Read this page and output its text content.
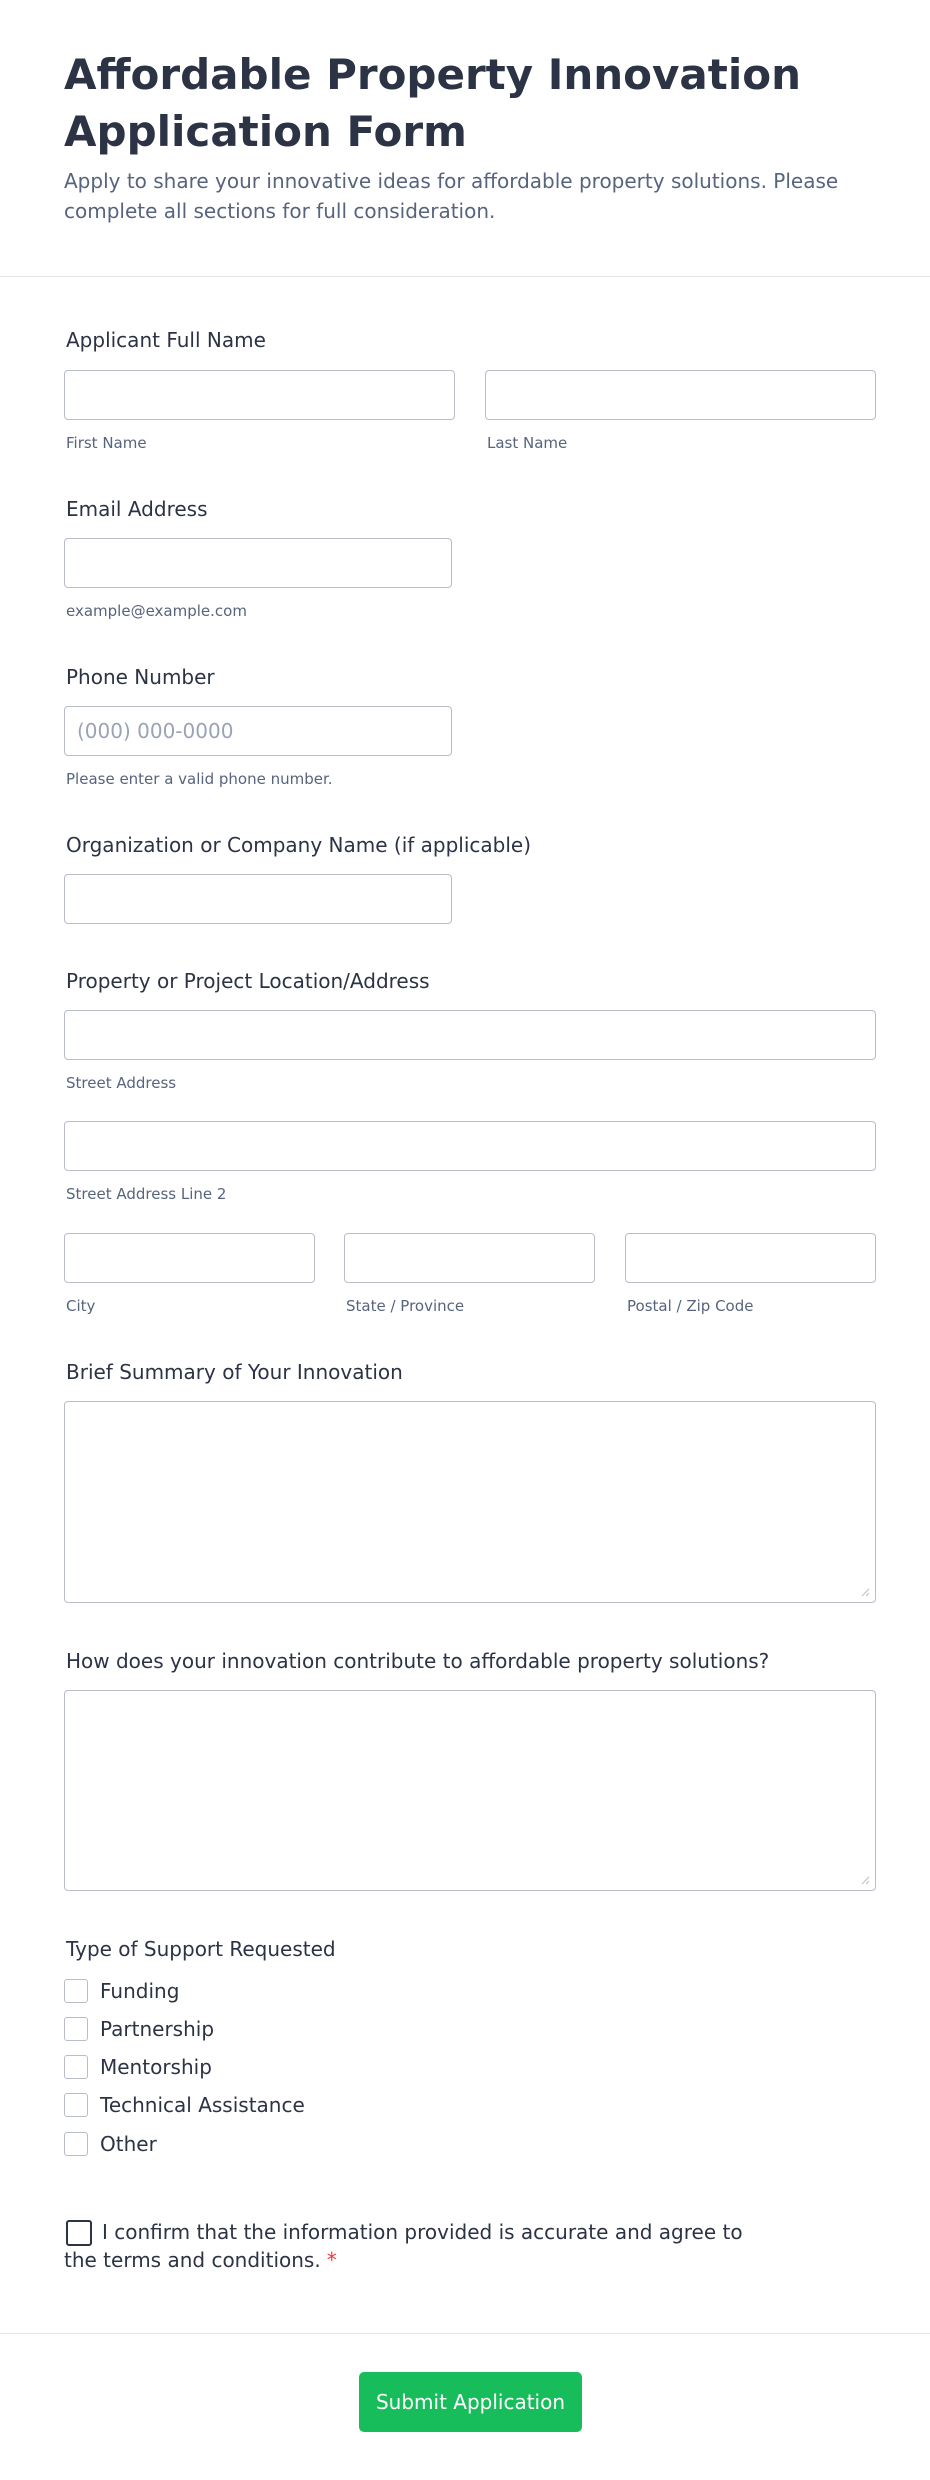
Affordable Property Innovation Application Form

Apply to share your innovative ideas for affordable property solutions. Please complete all sections for full consideration.

Applicant Full Name
First Name	Last Name
Email Address
example@example.com
Phone Number
(000) 000-0000
Please enter a valid phone number.
Organization or Company Name (if applicable)
Property or Project Location/Address
Street Address
Street Address Line 2
City	State / Province	Postal / Zip Code
Brief Summary of Your Innovation
How does your innovation contribute to affordable property solutions?
Type of Support Requested
Funding
Partnership
Mentorship
Technical Assistance
Other
I confirm that the information provided is accurate and agree to the terms and conditions. *
Submit Application
